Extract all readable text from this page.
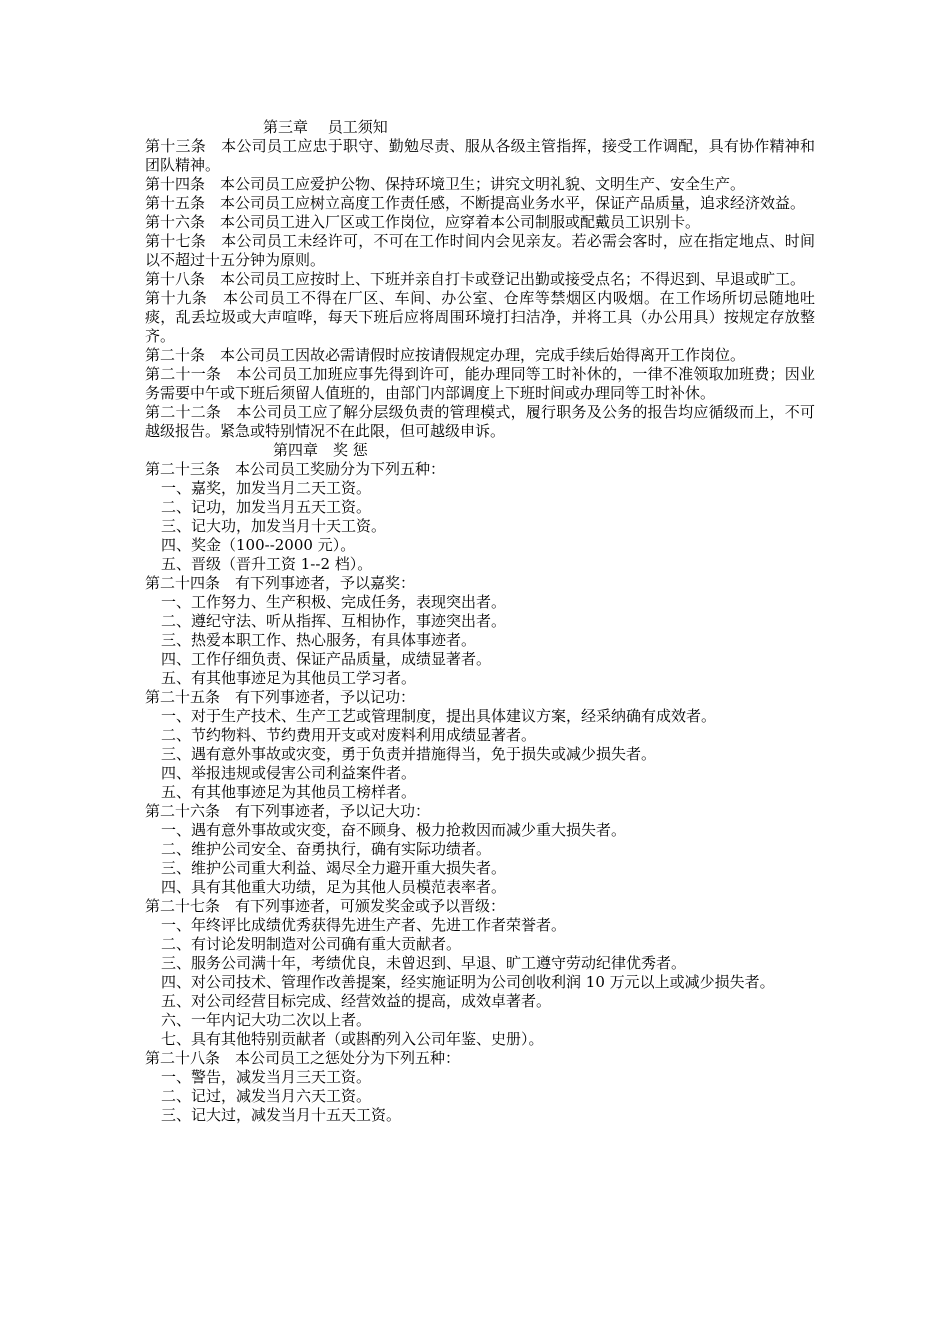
第三章　 员工须知

第十三条　本公司员工应忠于职守、勤勉尽责、服从各级主管指挥，接受工作调配，具有协作精神和团队精神。

第十四条　本公司员工应爱护公物、保持环境卫生；讲究文明礼貌、文明生产、安全生产。

第十五条　本公司员工应树立高度工作责任感，不断提高业务水平，保证产品质量，追求经济效益。

第十六条　本公司员工进入厂区或工作岗位，应穿着本公司制服或配戴员工识别卡。

第十七条　本公司员工未经许可，不可在工作时间内会见亲友。若必需会客时，应在指定地点、时间以不超过十五分钟为原则。

第十八条　本公司员工应按时上、下班并亲自打卡或登记出勤或接受点名；不得迟到、早退或旷工。

第十九条　本公司员工不得在厂区、车间、办公室、仓库等禁烟区内吸烟。在工作场所切忌随地吐痰，乱丢垃圾或大声喧哗，每天下班后应将周围环境打扫洁净，并将工具（办公用具）按规定存放整齐。

第二十条　本公司员工因故必需请假时应按请假规定办理，完成手续后始得离开工作岗位。

第二十一条　本公司员工加班应事先得到许可，能办理同等工时补休的，一律不准领取加班费；因业务需要中午或下班后须留人值班的，由部门内部调度上下班时间或办理同等工时补休。

第二十二条　本公司员工应了解分层级负责的管理模式，履行职务及公务的报告均应循级而上，不可越级报告。紧急或特别情况不在此限，但可越级申诉。

第四章　奖 惩

第二十三条　本公司员工奖励分为下列五种：

一、嘉奖，加发当月二天工资。

二、记功，加发当月五天工资。

三、记大功，加发当月十天工资。

四、奖金（100--2000 元）。

五、晋级（晋升工资 1--2 档）。

第二十四条　有下列事迹者，予以嘉奖：

一、工作努力、生产积极、完成任务，表现突出者。

二、遵纪守法、听从指挥、互相协作，事迹突出者。

三、热爱本职工作、热心服务，有具体事迹者。

四、工作仔细负责、保证产品质量，成绩显著者。

五、有其他事迹足为其他员工学习者。

第二十五条　有下列事迹者，予以记功：

一、对于生产技术、生产工艺或管理制度，提出具体建议方案，经采纳确有成效者。

二、节约物料、节约费用开支或对废料利用成绩显著者。

三、遇有意外事故或灾变，勇于负责并措施得当，免于损失或减少损失者。

四、举报违规或侵害公司利益案件者。

五、有其他事迹足为其他员工榜样者。

第二十六条　有下列事迹者，予以记大功：

一、遇有意外事故或灾变，奋不顾身、极力抢救因而减少重大损失者。

二、维护公司安全、奋勇执行，确有实际功绩者。

三、维护公司重大利益、竭尽全力避开重大损失者。

四、具有其他重大功绩，足为其他人员模范表率者。

第二十七条　有下列事迹者，可颁发奖金或予以晋级：

一、年终评比成绩优秀获得先进生产者、先进工作者荣誉者。

二、有讨论发明制造对公司确有重大贡献者。

三、服务公司满十年，考绩优良，未曾迟到、早退、旷工遵守劳动纪律优秀者。

四、对公司技术、管理作改善提案，经实施证明为公司创收利润 10 万元以上或减少损失者。

五、对公司经营目标完成、经营效益的提高，成效卓著者。

六、一年内记大功二次以上者。

七、具有其他特别贡献者（或斟酌列入公司年鉴、史册）。

第二十八条　本公司员工之惩处分为下列五种：

一、警告，减发当月三天工资。

二、记过，减发当月六天工资。

三、记大过，减发当月十五天工资。
